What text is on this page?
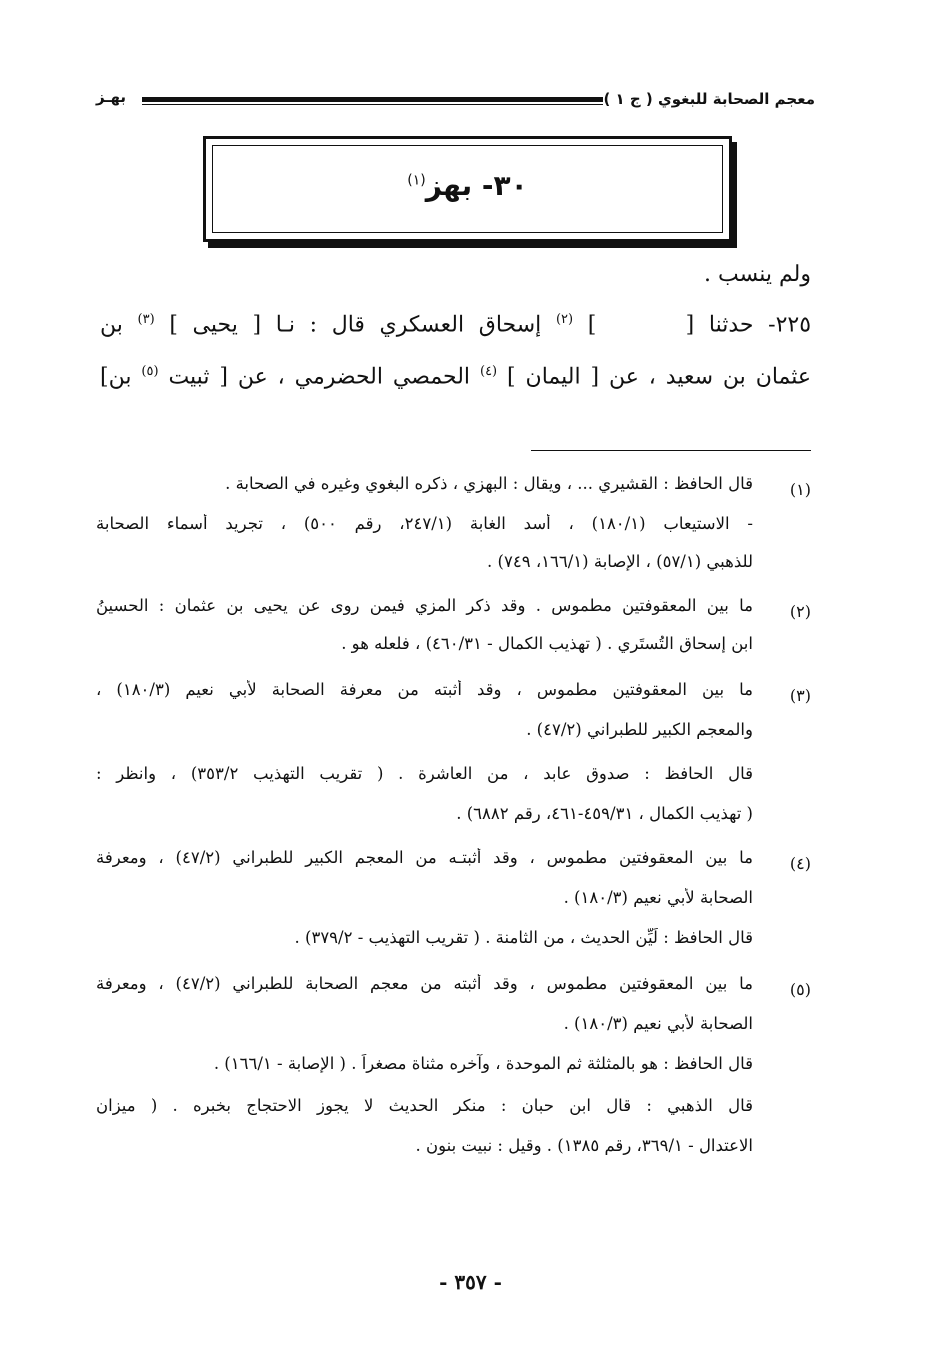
معجم الصحابة للبغوي ( ج ١ )
بهـز
٣٠- بهز$^{(١)}$
ولم ينسب .
٢٢٥- حدثنا [  ] $^{(٢)}$ إسحاق العسكري قال : نـا [ يحيى ] $^{(٣)}$ بن
عثمان بن سعيد ، عن [ اليمان ] $^{(٤)}$ الحمصي الحضرمي ، عن [ ثبيت $^{(٥)}$ بن]
(١)
قال الحافظ : القشيري ... ، ويقال : البهزي ، ذكره البغوي وغيره في الصحابة .
- الاستيعاب (١٨٠/١) ، أسد الغابة (٢٤٧/١، رقم ٥٠٠) ، تجريد أسماء الصحابة
للذهبي (٥٧/١) ، الإصابة (١٦٦/١، ٧٤٩) .
(٢)
ما بين المعقوفتين مطموس . وقد ذكر المزي فيمن روى عن يحيى بن عثمان : الحسينُ
ابن إسحاق التُستَري . ( تهذيب الكمال - ٤٦٠/٣١) ، فلعله هو .
(٣)
ما بين المعقوفتين مطموس ، وقد أثبته من معرفة الصحابة لأبي نعيم (١٨٠/٣) ،
والمعجم الكبير للطبراني (٤٧/٢) .
قال الحافظ : صدوق عابد ، من العاشرة . ( تقريب التهذيب ٣٥٣/٢) ، وانظر :
( تهذيب الكمال ، ٤٥٩/٣١-٤٦١، رقم ٦٨٨٢) .
(٤)
ما بين المعقوفتين مطموس ، وقد أثبتـه من المعجم الكبير للطبراني (٤٧/٢) ، ومعرفة
الصحابة لأبي نعيم (١٨٠/٣) .
قال الحافظ : لَيِّن الحديث ، من الثامنة . ( تقريب التهذيب - ٣٧٩/٢) .
(٥)
ما بين المعقوفتين مطموس ، وقد أثبته من معجم الصحابة للطبراني (٤٧/٢) ، ومعرفة
الصحابة لأبي نعيم (١٨٠/٣) .
قال الحافظ : هو بالمثلثة ثم الموحدة ، وآخره مثناة مصغراً . ( الإصابة - ١٦٦/١) .
قال الذهبي : قال ابن حبان : منكر الحديث لا يجوز الاحتجاج بخبره . ( ميزان
الاعتدال - ٣٦٩/١، رقم ١٣٨٥) . وقيل : نبيت بنون .
- ٣٥٧ -
